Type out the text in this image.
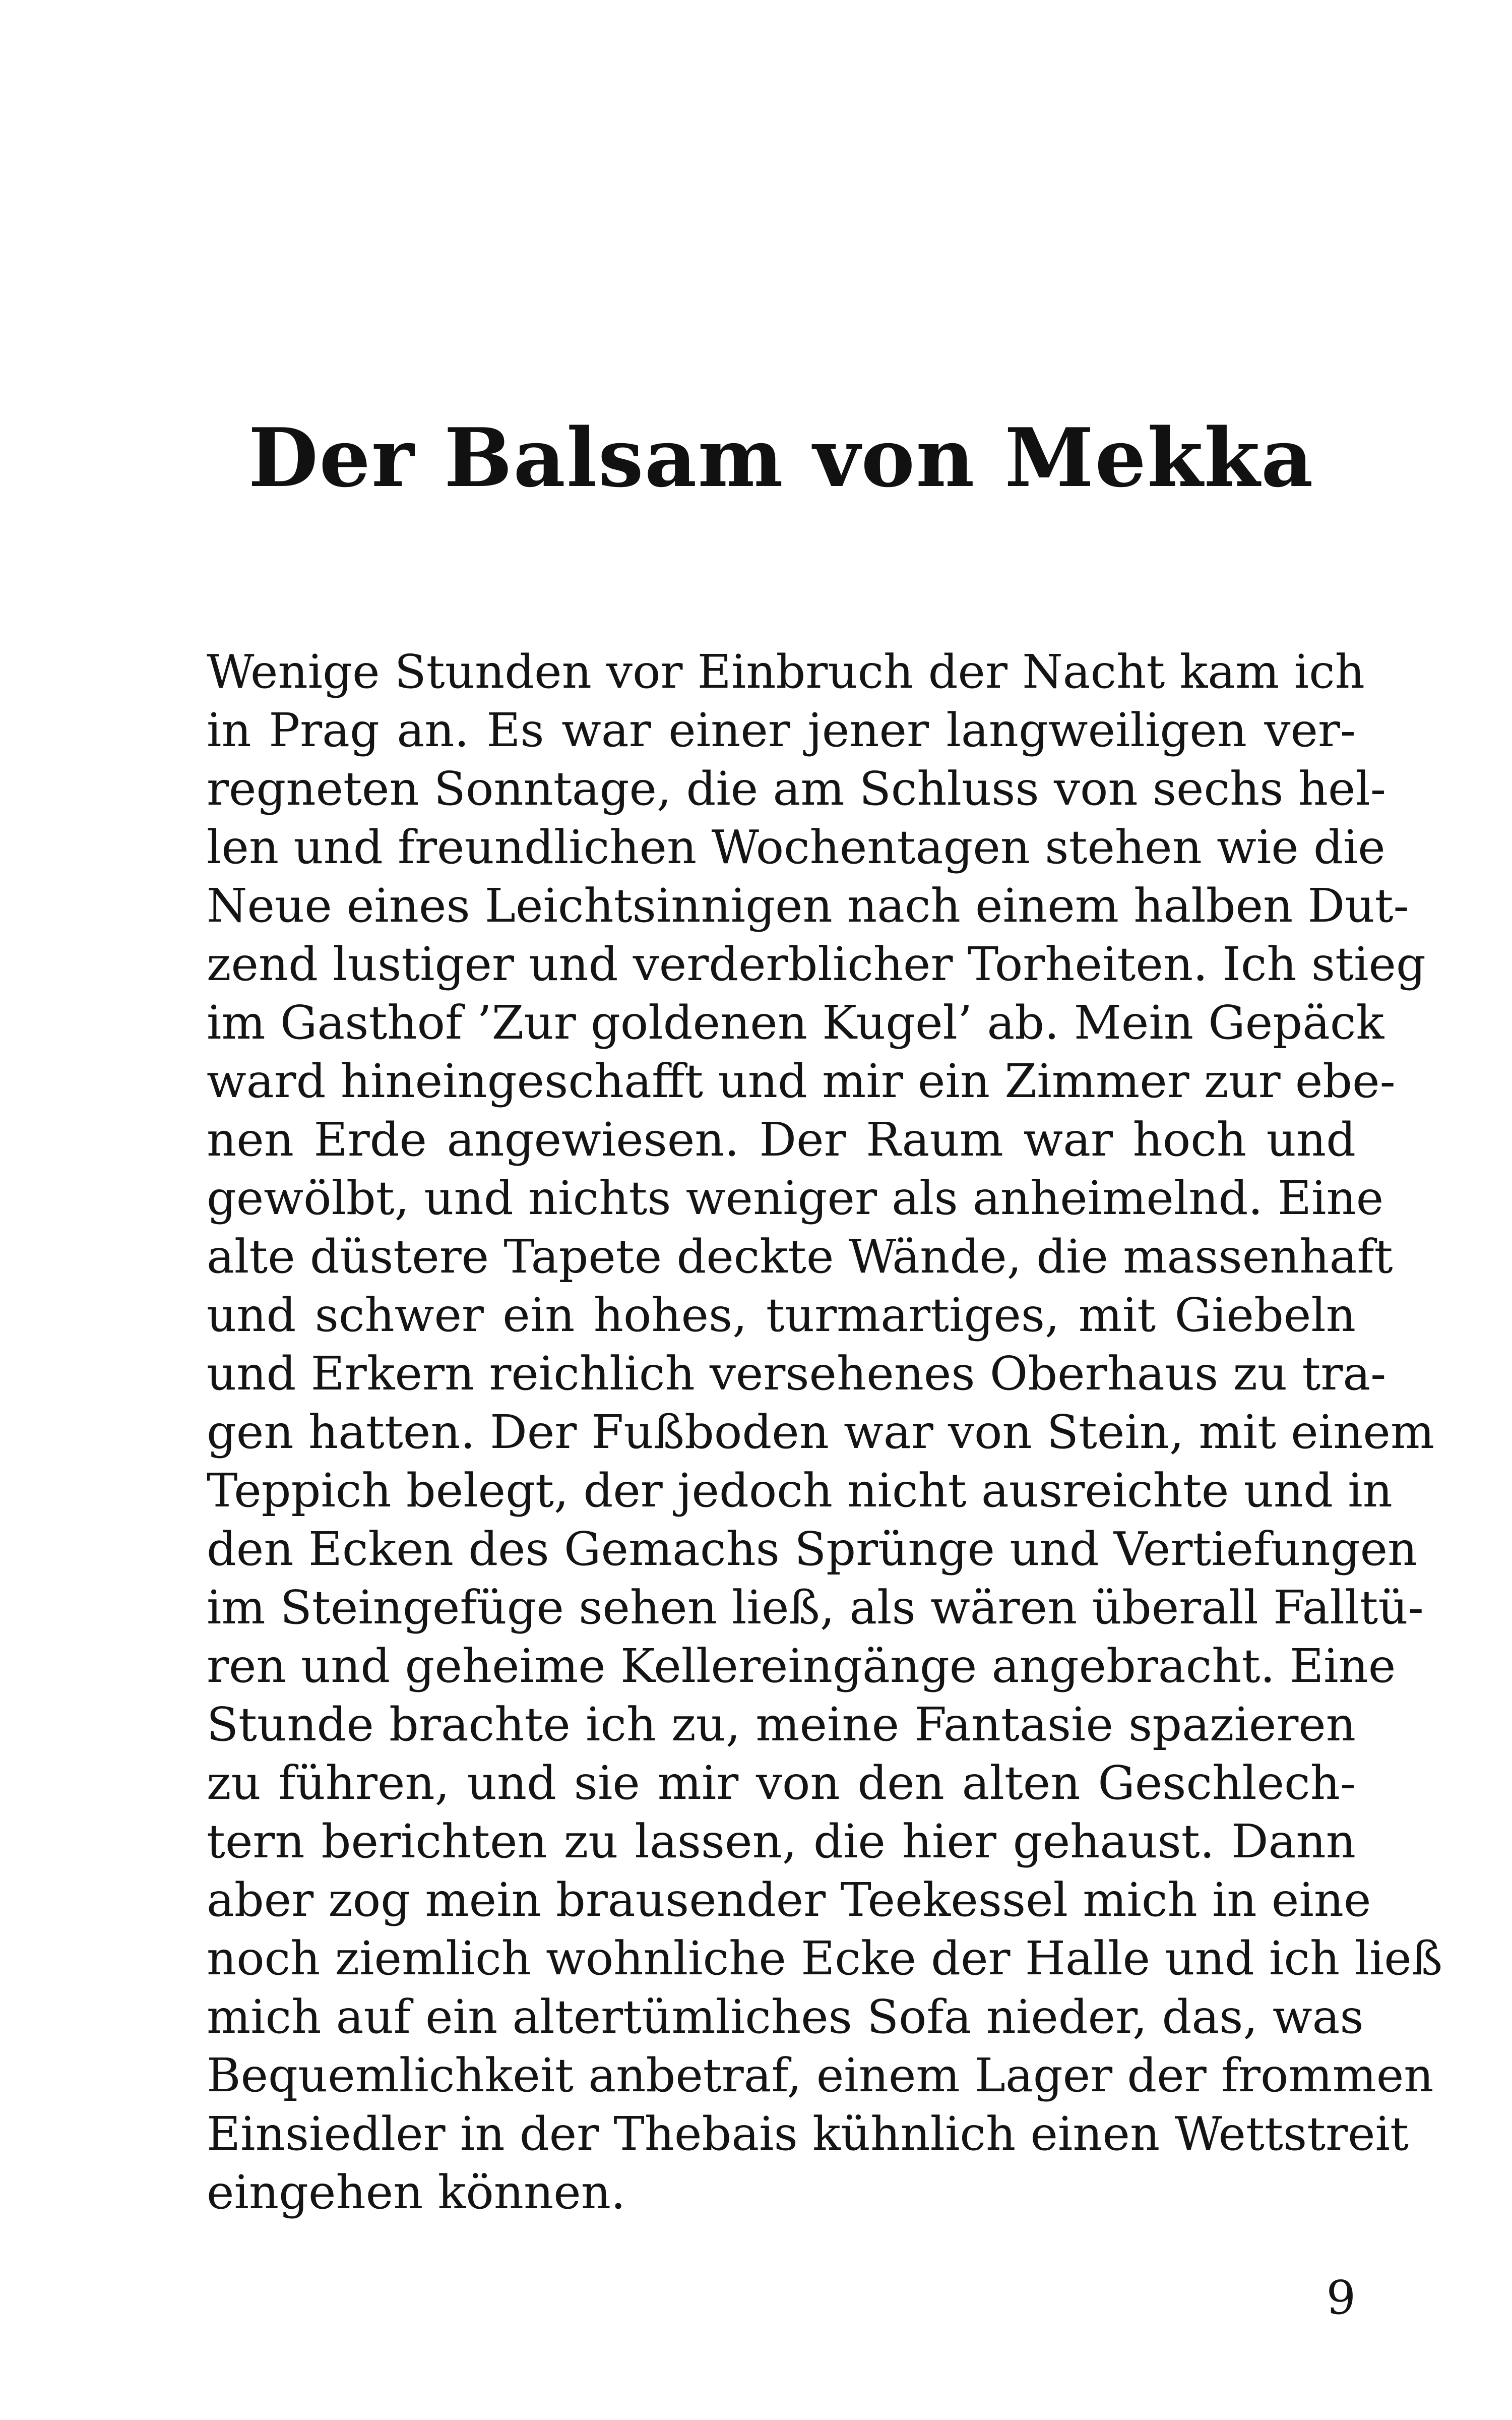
Der Balsam von Mekka
Wenige Stunden vor Einbruch der Nacht kam ich
in Prag an. Es war einer jener langweiligen ver-
regneten Sonntage, die am Schluss von sechs hel-
len und freundlichen Wochentagen stehen wie die
Neue eines Leichtsinnigen nach einem halben Dut-
zend lustiger und verderblicher Torheiten. Ich stieg
im Gasthof ’Zur goldenen Kugel’ ab. Mein Gepäck
ward hineingeschafft und mir ein Zimmer zur ebe-
nen Erde angewiesen. Der Raum war hoch und
gewölbt, und nichts weniger als anheimelnd. Eine
alte düstere Tapete deckte Wände, die massenhaft
und schwer ein hohes, turmartiges, mit Giebeln
und Erkern reichlich versehenes Oberhaus zu tra-
gen hatten. Der Fußboden war von Stein, mit einem
Teppich belegt, der jedoch nicht ausreichte und in
den Ecken des Gemachs Sprünge und Vertiefungen
im Steingefüge sehen ließ, als wären überall Falltü-
ren und geheime Kellereingänge angebracht. Eine
Stunde brachte ich zu, meine Fantasie spazieren
zu führen, und sie mir von den alten Geschlech-
tern berichten zu lassen, die hier gehaust. Dann
aber zog mein brausender Teekessel mich in eine
noch ziemlich wohnliche Ecke der Halle und ich ließ
mich auf ein altertümliches Sofa nieder, das, was
Bequemlichkeit anbetraf, einem Lager der frommen
Einsiedler in der Thebais kühnlich einen Wettstreit
eingehen können.

9
